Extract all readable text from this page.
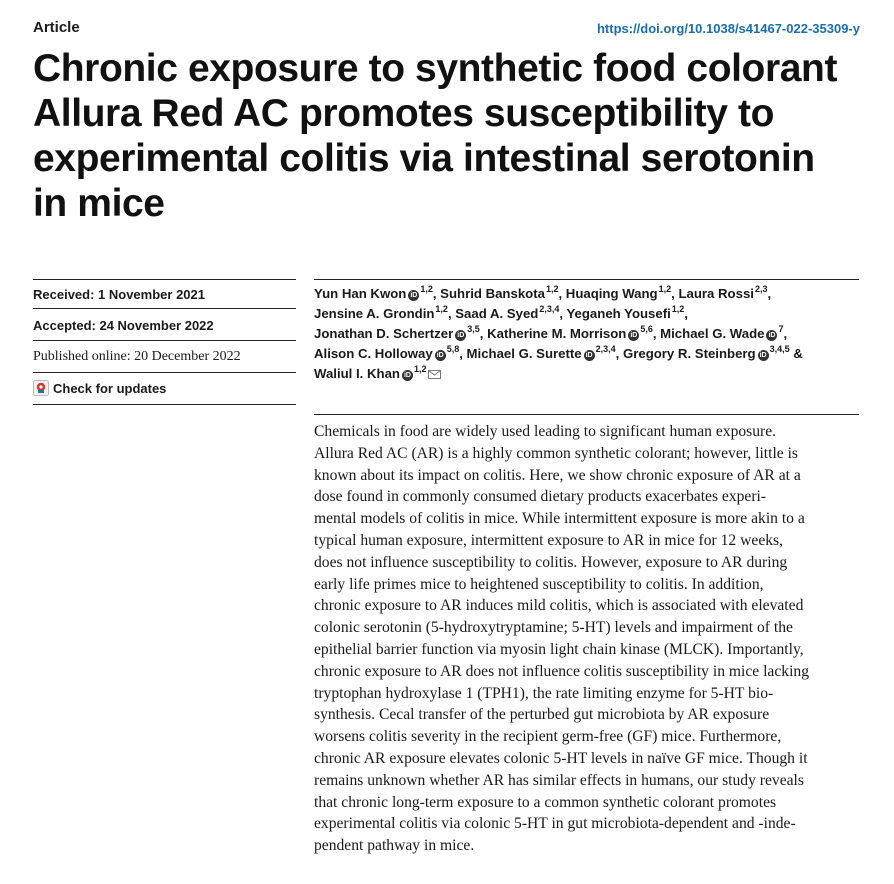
Article	https://doi.org/10.1038/s41467-022-35309-y
Chronic exposure to synthetic food colorant
Allura Red AC promotes susceptibility to
experimental colitis via intestinal serotonin
in mice
Received: 1 November 2021
Accepted: 24 November 2022
Published online: 20 December 2022
Check for updates
Yun Han Kwon iD$^{1,2}$, Suhrid Banskota$^{1,2}$, Huaqing Wang$^{1,2}$, Laura Rossi$^{2,3}$,
Jensine A. Grondin$^{1,2}$, Saad A. Syed$^{2,3,4}$, Yeganeh Yousefi$^{1,2}$,
Jonathan D. Schertzer iD$^{3,5}$, Katherine M. Morrison iD$^{5,6}$, Michael G. Wade $iD^7$,
Alison C. Holloway iD$^{5,8}$, Michael G. Surette iD$^{2,3,4}$, Gregory R. Steinberg iD$^{3,4,5}$ &
Waliul I. Khan iD$^{1,2}$
Chemicals in food are widely used leading to significant human exposure.
Allura Red AC (AR) is a highly common synthetic colorant; however, little is
known about its impact on colitis. Here, we show chronic exposure of AR at a
dose found in commonly consumed dietary products exacerbates experi-
mental models of colitis in mice. While intermittent exposure is more akin to a
typical human exposure, intermittent exposure to AR in mice for 12 weeks,
does not influence susceptibility to colitis. However, exposure to AR during
early life primes mice to heightened susceptibility to colitis. In addition,
chronic exposure to AR induces mild colitis, which is associated with elevated
colonic serotonin (5-hydroxytryptamine; 5-HT) levels and impairment of the
epithelial barrier function via myosin light chain kinase (MLCK). Importantly,
chronic exposure to AR does not influence colitis susceptibility in mice lacking
tryptophan hydroxylase 1 (TPH1), the rate limiting enzyme for 5-HT bio-
synthesis. Cecal transfer of the perturbed gut microbiota by AR exposure
worsens colitis severity in the recipient germ-free (GF) mice. Furthermore,
chronic AR exposure elevates colonic 5-HT levels in naïve GF mice. Though it
remains unknown whether AR has similar effects in humans, our study reveals
that chronic long-term exposure to a common synthetic colorant promotes
experimental colitis via colonic 5-HT in gut microbiota-dependent and -inde-
pendent pathway in mice.
